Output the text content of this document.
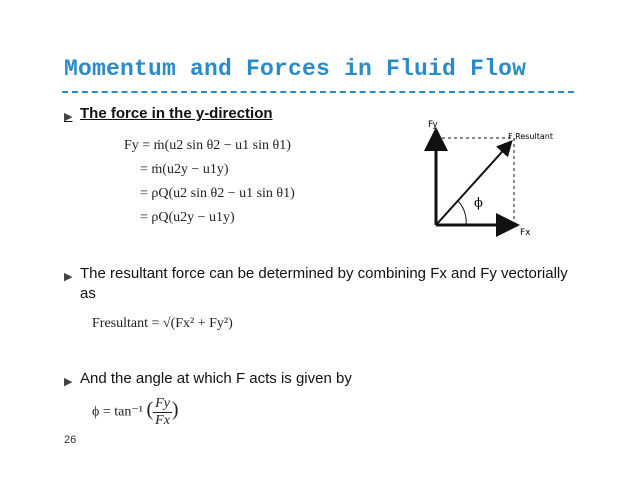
Momentum and Forces in Fluid Flow
▶ The force in the y-direction
Fy = ṁ(u2 sin θ2 − u1 sin θ1)
= ṁ(u2y − u1y)
= ρQ(u2 sin θ2 − u1 sin θ1)
= ρQ(u2y − u1y)
ϕ
Fy
Fx
F Resultant
▶ The resultant force can be determined by combining Fx and Fy vectorially as
Fresultant = √(Fx² + Fy²)
▶ And the angle at which F acts is given by
ϕ = tan⁻¹ ( $\frac{Fy}{Fx}$ )
26
